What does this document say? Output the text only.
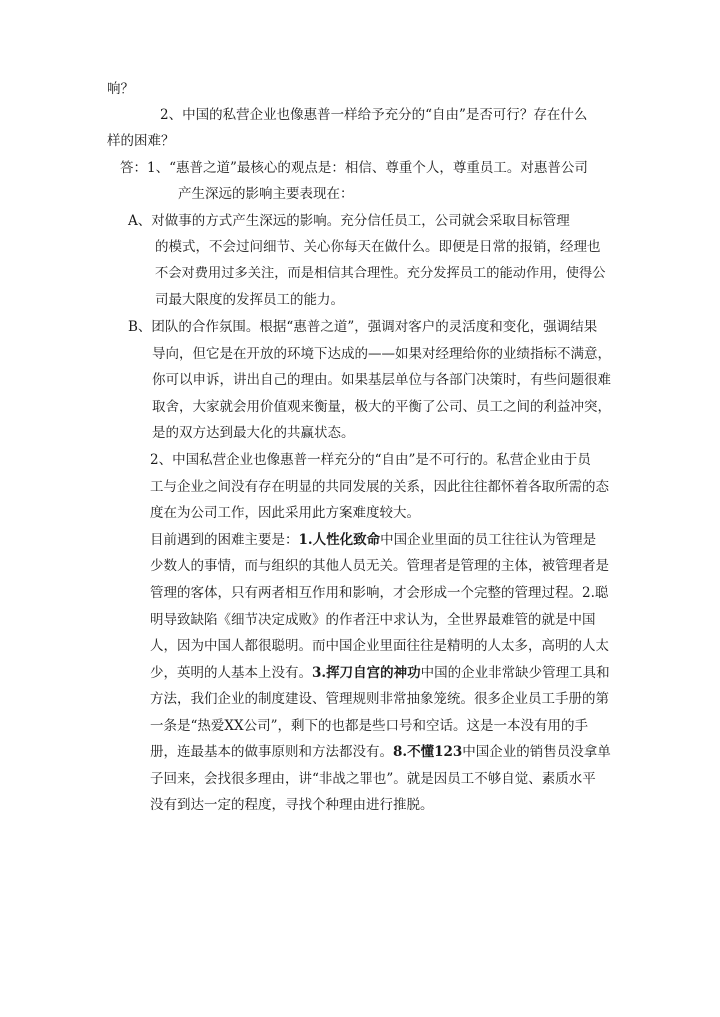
响？
2、中国的私营企业也像惠普一样给予充分的“自由”是否可行？存在什么
样的困难？
答：1、“惠普之道”最核心的观点是：相信、尊重个人，尊重员工。对惠普公司
产生深远的影响主要表现在：
A、对做事的方式产生深远的影响。充分信任员工，公司就会采取目标管理
的模式，不会过问细节、关心你每天在做什么。即便是日常的报销，经理也
不会对费用过多关注，而是相信其合理性。充分发挥员工的能动作用，使得公
司最大限度的发挥员工的能力。
B、团队的合作氛围。根据“惠普之道”，强调对客户的灵活度和变化，强调结果
导向，但它是在开放的环境下达成的——如果对经理给你的业绩指标不满意，
你可以申诉，讲出自己的理由。如果基层单位与各部门决策时，有些问题很难
取舍，大家就会用价值观来衡量，极大的平衡了公司、员工之间的利益冲突，
是的双方达到最大化的共赢状态。
2、中国私营企业也像惠普一样充分的“自由”是不可行的。私营企业由于员
工与企业之间没有存在明显的共同发展的关系，因此往往都怀着各取所需的态
度在为公司工作，因此采用此方案难度较大。
目前遇到的困难主要是：1.人性化致命中国企业里面的员工往往认为管理是
少数人的事情，而与组织的其他人员无关。管理者是管理的主体，被管理者是
管理的客体，只有两者相互作用和影响，才会形成一个完整的管理过程。2.聪
明导致缺陷《细节决定成败》的作者汪中求认为，全世界最难管的就是中国
人，因为中国人都很聪明。而中国企业里面往往是精明的人太多，高明的人太
少，英明的人基本上没有。3.挥刀自宫的神功中国的企业非常缺少管理工具和
方法，我们企业的制度建设、管理规则非常抽象笼统。很多企业员工手册的第
一条是“热爱XX公司”，剩下的也都是些口号和空话。这是一本没有用的手
册，连最基本的做事原则和方法都没有。8.不懂123中国企业的销售员没拿单
子回来，会找很多理由，讲“非战之罪也”。就是因员工不够自觉、素质水平
没有到达一定的程度，寻找个种理由进行推脱。
